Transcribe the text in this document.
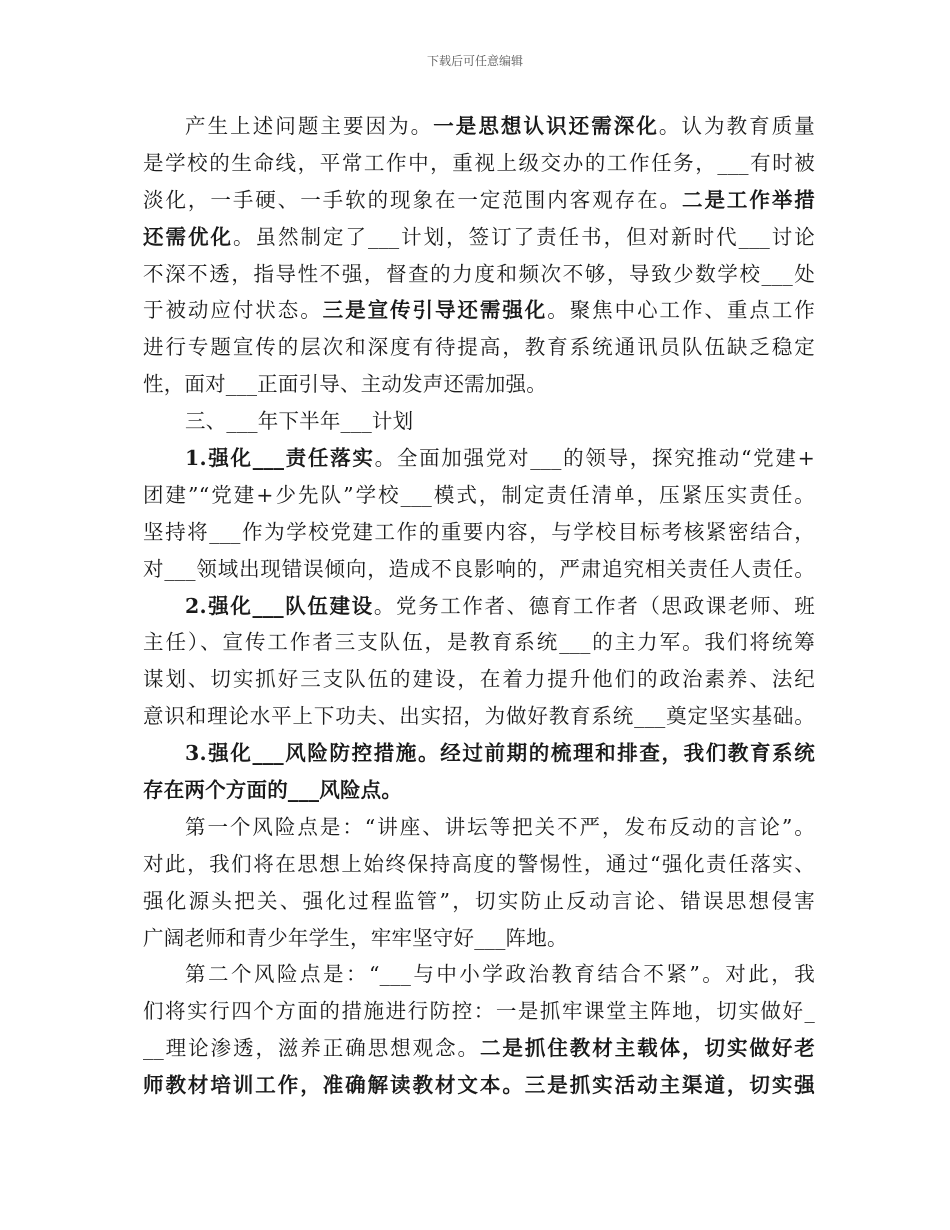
下载后可任意编辑
产生上述问题主要因为。一是思想认识还需深化。认为教育质量
是学校的生命线，平常工作中，重视上级交办的工作任务，___有时被
淡化，一手硬、一手软的现象在一定范围内客观存在。二是工作举措
还需优化。虽然制定了___计划，签订了责任书，但对新时代___讨论
不深不透，指导性不强，督查的力度和频次不够，导致少数学校___处
于被动应付状态。三是宣传引导还需强化。聚焦中心工作、重点工作
进行专题宣传的层次和深度有待提高，教育系统通讯员队伍缺乏稳定
性，面对___正面引导、主动发声还需加强。
三、___年下半年___计划
1.强化___责任落实。全面加强党对___的领导，探究推动“党建+
团建”“党建+少先队”学校___模式，制定责任清单，压紧压实责任。
坚持将___作为学校党建工作的重要内容，与学校目标考核紧密结合，
对___领域出现错误倾向，造成不良影响的，严肃追究相关责任人责任。
2.强化___队伍建设。党务工作者、德育工作者（思政课老师、班
主任）、宣传工作者三支队伍，是教育系统___的主力军。我们将统筹
谋划、切实抓好三支队伍的建设，在着力提升他们的政治素养、法纪
意识和理论水平上下功夫、出实招，为做好教育系统___奠定坚实基础。
3.强化___风险防控措施。经过前期的梳理和排查，我们教育系统
存在两个方面的___风险点。
第一个风险点是：“讲座、讲坛等把关不严，发布反动的言论”。
对此，我们将在思想上始终保持高度的警惕性，通过“强化责任落实、
强化源头把关、强化过程监管”，切实防止反动言论、错误思想侵害
广阔老师和青少年学生，牢牢坚守好___阵地。
第二个风险点是：“___与中小学政治教育结合不紧”。对此，我
们将实行四个方面的措施进行防控：一是抓牢课堂主阵地，切实做好_
__理论渗透，滋养正确思想观念。二是抓住教材主载体，切实做好老
师教材培训工作，准确解读教材文本。三是抓实活动主渠道，切实强
